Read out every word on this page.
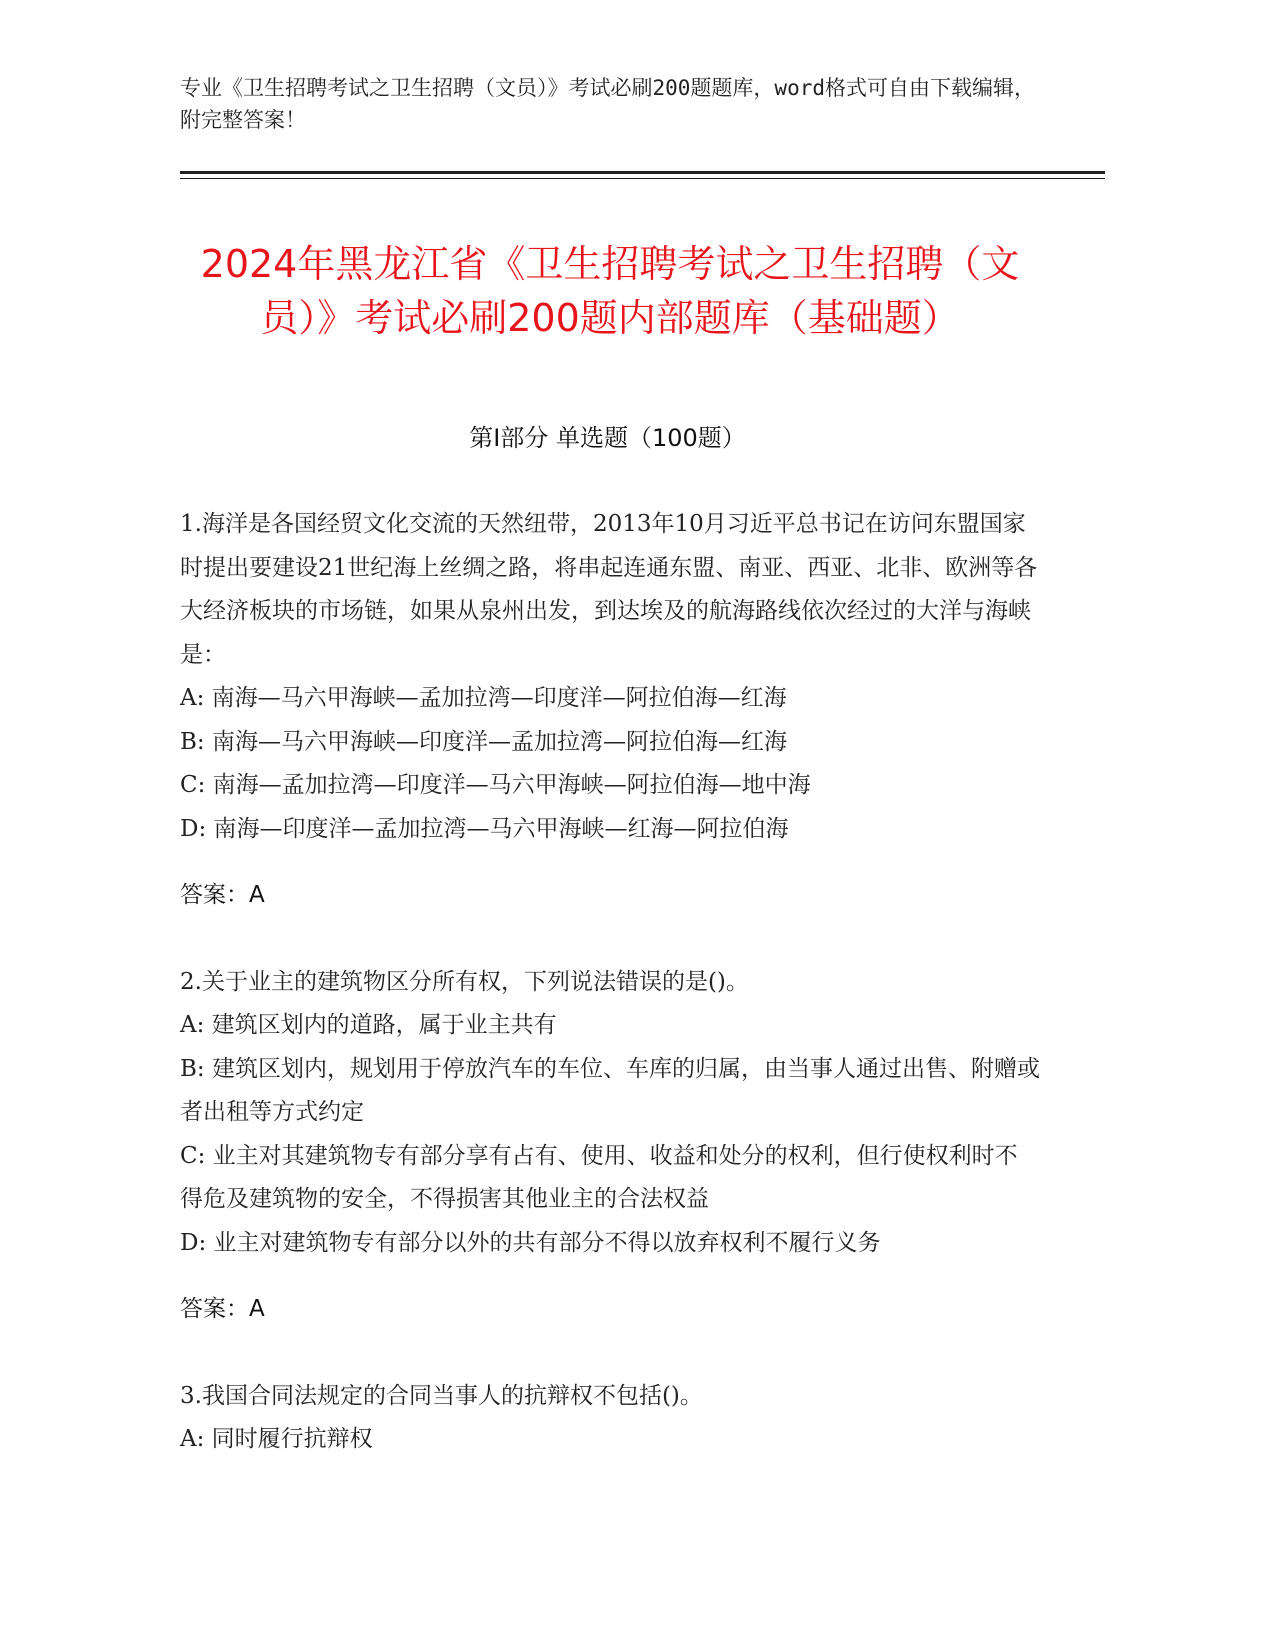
专业《卫生招聘考试之卫生招聘（文员）》考试必刷200题题库，word格式可自由下载编辑，附完整答案！
2024年黑龙江省《卫生招聘考试之卫生招聘（文员）》考试必刷200题内部题库（基础题）
第I部分 单选题（100题）

1.海洋是各国经贸文化交流的天然纽带，2013年10月习近平总书记在访问东盟国家时提出要建设21世纪海上丝绸之路，将串起连通东盟、南亚、西亚、北非、欧洲等各大经济板块的市场链，如果从泉州出发，到达埃及的航海路线依次经过的大洋与海峡是：

A: 南海—马六甲海峡—孟加拉湾—印度洋—阿拉伯海—红海

B: 南海—马六甲海峡—印度洋—孟加拉湾—阿拉伯海—红海

C: 南海—孟加拉湾—印度洋—马六甲海峡—阿拉伯海—地中海

D: 南海—印度洋—孟加拉湾—马六甲海峡—红海—阿拉伯海

答案：A

2.关于业主的建筑物区分所有权，下列说法错误的是()。

A: 建筑区划内的道路，属于业主共有

B: 建筑区划内，规划用于停放汽车的车位、车库的归属，由当事人通过出售、附赠或者出租等方式约定

C: 业主对其建筑物专有部分享有占有、使用、收益和处分的权利，但行使权利时不得危及建筑物的安全，不得损害其他业主的合法权益

D: 业主对建筑物专有部分以外的共有部分不得以放弃权利不履行义务

答案：A

3.我国合同法规定的合同当事人的抗辩权不包括()。

A: 同时履行抗辩权
